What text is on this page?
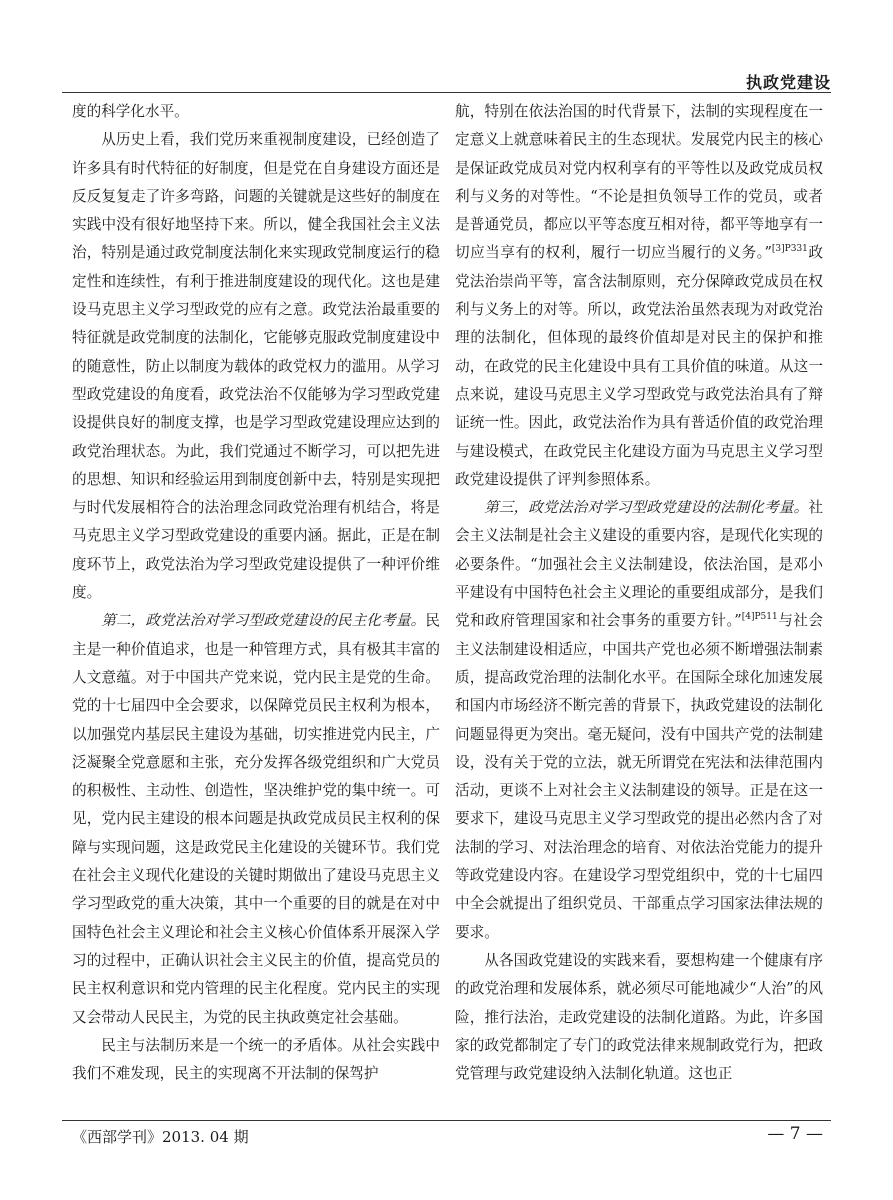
执政党建设

度的科学化水平。

从历史上看，我们党历来重视制度建设，已经创造了许多具有时代特征的好制度，但是党在自身建设方面还是反反复复走了许多弯路，问题的关键就是这些好的制度在实践中没有很好地坚持下来。所以，健全我国社会主义法治，特别是通过政党制度法制化来实现政党制度运行的稳定性和连续性，有利于推进制度建设的现代化。这也是建设马克思主义学习型政党的应有之意。政党法治最重要的特征就是政党制度的法制化，它能够克服政党制度建设中的随意性，防止以制度为载体的政党权力的滥用。从学习型政党建设的角度看，政党法治不仅能够为学习型政党建设提供良好的制度支撑，也是学习型政党建设理应达到的政党治理状态。为此，我们党通过不断学习，可以把先进的思想、知识和经验运用到制度创新中去，特别是实现把与时代发展相符合的法治理念同政党治理有机结合，将是马克思主义学习型政党建设的重要内涵。据此，正是在制度环节上，政党法治为学习型政党建设提供了一种评价维度。

第二，政党法治对学习型政党建设的民主化考量。民主是一种价值追求，也是一种管理方式，具有极其丰富的人文意蕴。对于中国共产党来说，党内民主是党的生命。党的十七届四中全会要求，以保障党员民主权利为根本，以加强党内基层民主建设为基础，切实推进党内民主，广泛凝聚全党意愿和主张，充分发挥各级党组织和广大党员的积极性、主动性、创造性，坚决维护党的集中统一。可见，党内民主建设的根本问题是执政党成员民主权利的保障与实现问题，这是政党民主化建设的关键环节。我们党在社会主义现代化建设的关键时期做出了建设马克思主义学习型政党的重大决策，其中一个重要的目的就是在对中国特色社会主义理论和社会主义核心价值体系开展深入学习的过程中，正确认识社会主义民主的价值，提高党员的民主权利意识和党内管理的民主化程度。党内民主的实现又会带动人民民主，为党的民主执政奠定社会基础。

民主与法制历来是一个统一的矛盾体。从社会实践中我们不难发现，民主的实现离不开法制的保驾护

航，特别在依法治国的时代背景下，法制的实现程度在一定意义上就意味着民主的生态现状。发展党内民主的核心是保证政党成员对党内权利享有的平等性以及政党成员权利与义务的对等性。“不论是担负领导工作的党员，或者是普通党员，都应以平等态度互相对待，都平等地享有一切应当享有的权利，履行一切应当履行的义务。”$^{[3]P331}$政党法治崇尚平等，富含法制原则，充分保障政党成员在权利与义务上的对等。所以，政党法治虽然表现为对政党治理的法制化，但体现的最终价值却是对民主的保护和推动，在政党的民主化建设中具有工具价值的味道。从这一点来说，建设马克思主义学习型政党与政党法治具有了辩证统一性。因此，政党法治作为具有普适价值的政党治理与建设模式，在政党民主化建设方面为马克思主义学习型政党建设提供了评判参照体系。

第三，政党法治对学习型政党建设的法制化考量。社会主义法制是社会主义建设的重要内容，是现代化实现的必要条件。“加强社会主义法制建设，依法治国，是邓小平建设有中国特色社会主义理论的重要组成部分，是我们党和政府管理国家和社会事务的重要方针。”$^{[4]P511}$与社会主义法制建设相适应，中国共产党也必须不断增强法制素质，提高政党治理的法制化水平。在国际全球化加速发展和国内市场经济不断完善的背景下，执政党建设的法制化问题显得更为突出。毫无疑问，没有中国共产党的法制建设，没有关于党的立法，就无所谓党在宪法和法律范围内活动，更谈不上对社会主义法制建设的领导。正是在这一要求下，建设马克思主义学习型政党的提出必然内含了对法制的学习、对法治理念的培育、对依法治党能力的提升等政党建设内容。在建设学习型党组织中，党的十七届四中全会就提出了组织党员、干部重点学习国家法律法规的要求。

从各国政党建设的实践来看，要想构建一个健康有序的政党治理和发展体系，就必须尽可能地减少“人治”的风险，推行法治，走政党建设的法制化道路。为此，许多国家的政党都制定了专门的政党法律来规制政党行为，把政党管理与政党建设纳入法制化轨道。这也正

《西部学刊》2013. 04 期	— 7 —
